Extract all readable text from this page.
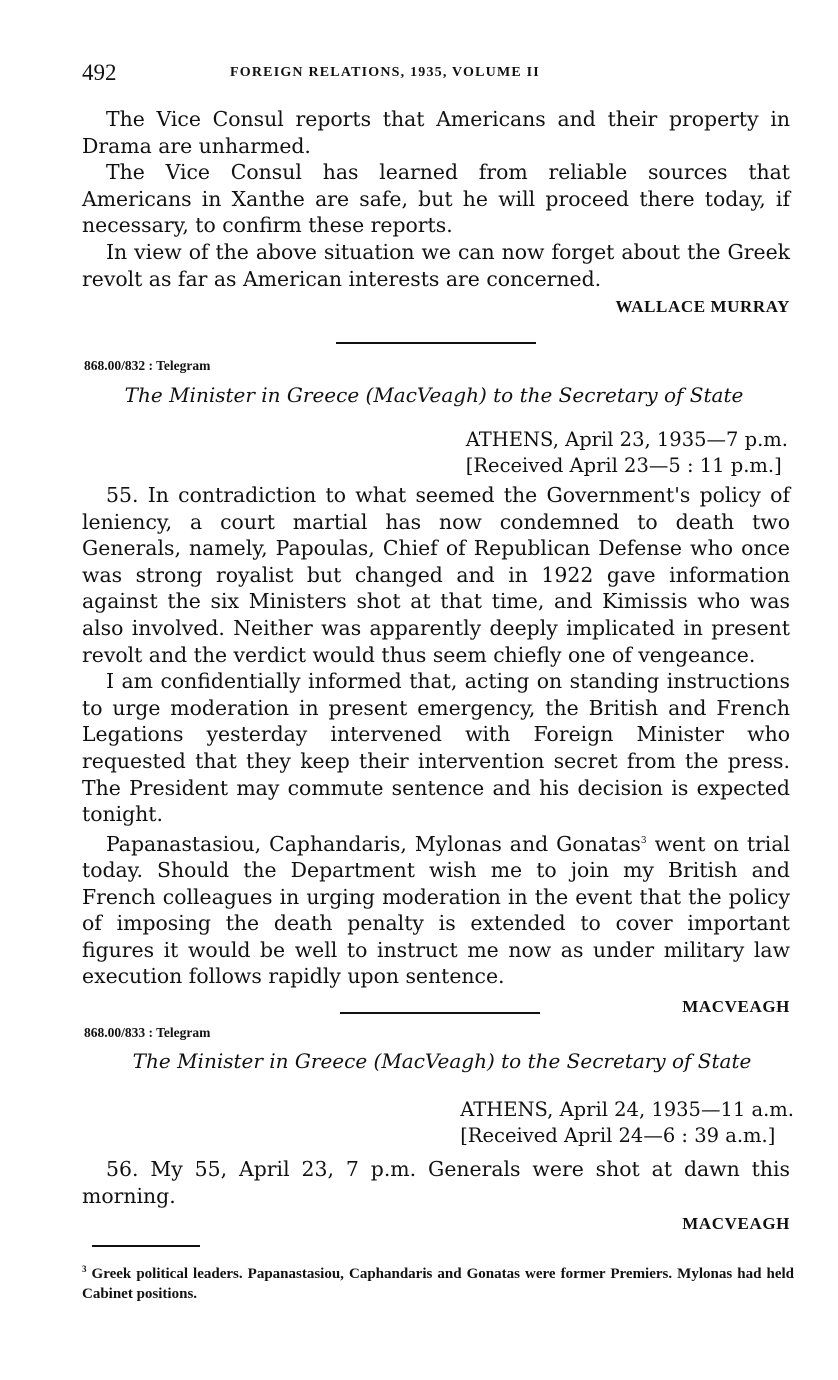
492	FOREIGN RELATIONS, 1935, VOLUME II

The Vice Consul reports that Americans and their property in Drama are unharmed.

The Vice Consul has learned from reliable sources that Americans in Xanthe are safe, but he will proceed there today, if necessary, to confirm these reports.

In view of the above situation we can now forget about the Greek revolt as far as American interests are concerned.

WALLACE MURRAY
868.00/832 : Telegram
The Minister in Greece (MacVeagh) to the Secretary of State
ATHENS, April 23, 1935—7 p.m.
[Received April 23—5 : 11 p.m.]

55. In contradiction to what seemed the Government's policy of leniency, a court martial has now condemned to death two Generals, namely, Papoulas, Chief of Republican Defense who once was strong royalist but changed and in 1922 gave information against the six Ministers shot at that time, and Kimissis who was also involved. Neither was apparently deeply implicated in present revolt and the verdict would thus seem chiefly one of vengeance.

I am confidentially informed that, acting on standing instructions to urge moderation in present emergency, the British and French Legations yesterday intervened with Foreign Minister who requested that they keep their intervention secret from the press. The President may commute sentence and his decision is expected tonight.

Papanastasiou, Caphandaris, Mylonas and Gonatas$^3$ went on trial today. Should the Department wish me to join my British and French colleagues in urging moderation in the event that the policy of imposing the death penalty is extended to cover important figures it would be well to instruct me now as under military law execution follows rapidly upon sentence.

MACVEAGH
868.00/833 : Telegram
The Minister in Greece (MacVeagh) to the Secretary of State
ATHENS, April 24, 1935—11 a.m.
[Received April 24—6 : 39 a.m.]

56. My 55, April 23, 7 p.m. Generals were shot at dawn this morning.

MACVEAGH
$^3$ Greek political leaders. Papanastasiou, Caphandaris and Gonatas were former Premiers. Mylonas had held Cabinet positions.
